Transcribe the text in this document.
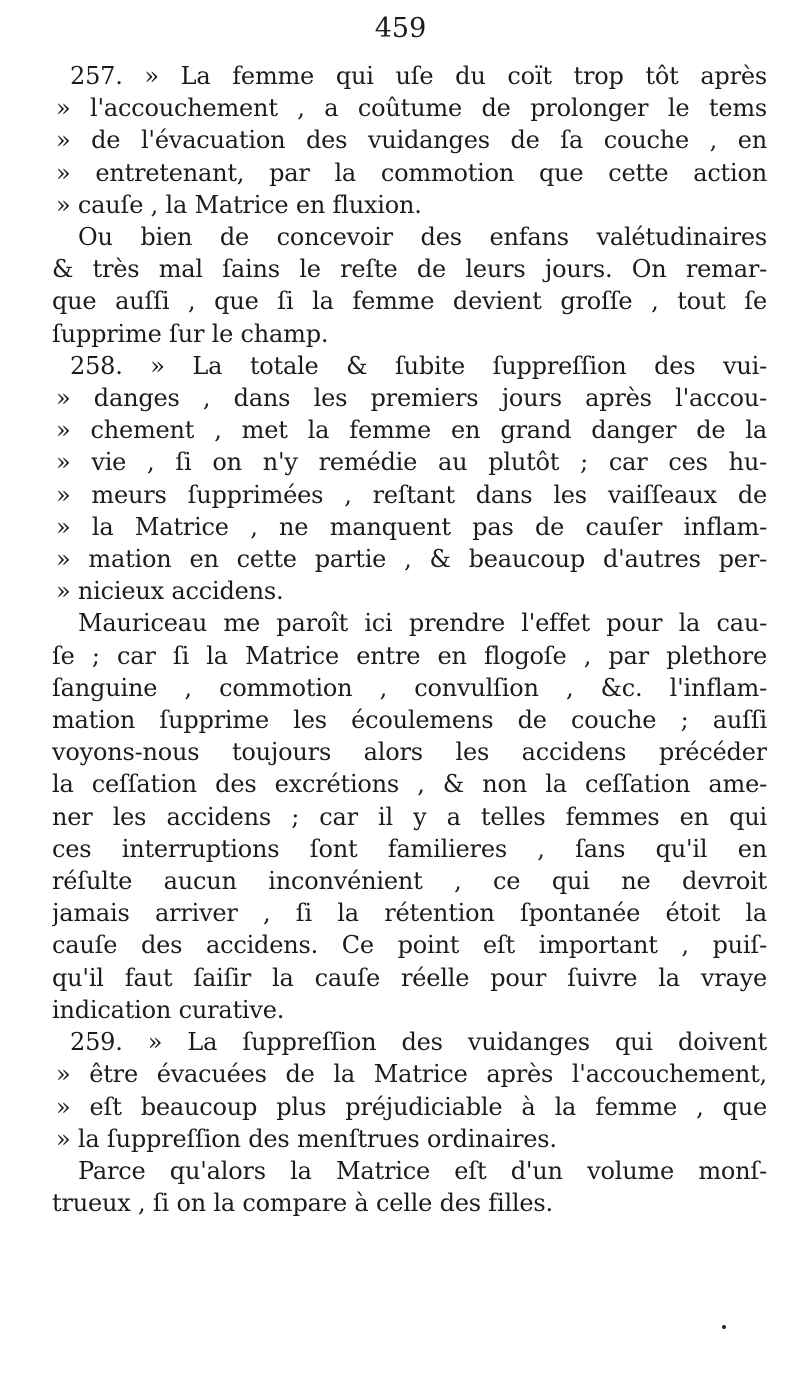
459
257. » La femme qui uſe du coït trop tôt après
» l'accouchement , a coûtume de prolonger le tems
» de l'évacuation des vuidanges de ſa couche , en
» entretenant, par la commotion que cette action
» cauſe , la Matrice en fluxion.
Ou bien de concevoir des enfans valétudinaires
& très mal ſains le reſte de leurs jours. On remar-
que auſſi , que ſi la femme devient groſſe , tout ſe
ſupprime ſur le champ.
258. » La totale & ſubite ſuppreſſion des vui-
» danges , dans les premiers jours après l'accou-
» chement , met la femme en grand danger de la
» vie , ſi on n'y remédie au plutôt ; car ces hu-
» meurs ſupprimées , reſtant dans les vaiſſeaux de
» la Matrice , ne manquent pas de cauſer inflam-
» mation en cette partie , & beaucoup d'autres per-
» nicieux accidens.
Mauriceau me paroît ici prendre l'effet pour la cau-
ſe ; car ſi la Matrice entre en flogoſe , par plethore
ſanguine , commotion , convulſion , &c. l'inflam-
mation ſupprime les écoulemens de couche ; auſſi
voyons-nous toujours alors les accidens précéder
la ceſſation des excrétions , & non la ceſſation ame-
ner les accidens ; car il y a telles femmes en qui
ces interruptions ſont familieres , ſans qu'il en
réſulte aucun inconvénient , ce qui ne devroit
jamais arriver , ſi la rétention ſpontanée étoit la
cauſe des accidens. Ce point eſt important , puiſ-
qu'il faut ſaiſir la cauſe réelle pour ſuivre la vraye
indication curative.
259. » La ſuppreſſion des vuidanges qui doivent
» être évacuées de la Matrice après l'accouchement,
» eſt beaucoup plus préjudiciable à la femme , que
» la ſuppreſſion des menſtrues ordinaires.
Parce qu'alors la Matrice eſt d'un volume monſ-
trueux , ſi on la compare à celle des filles.
